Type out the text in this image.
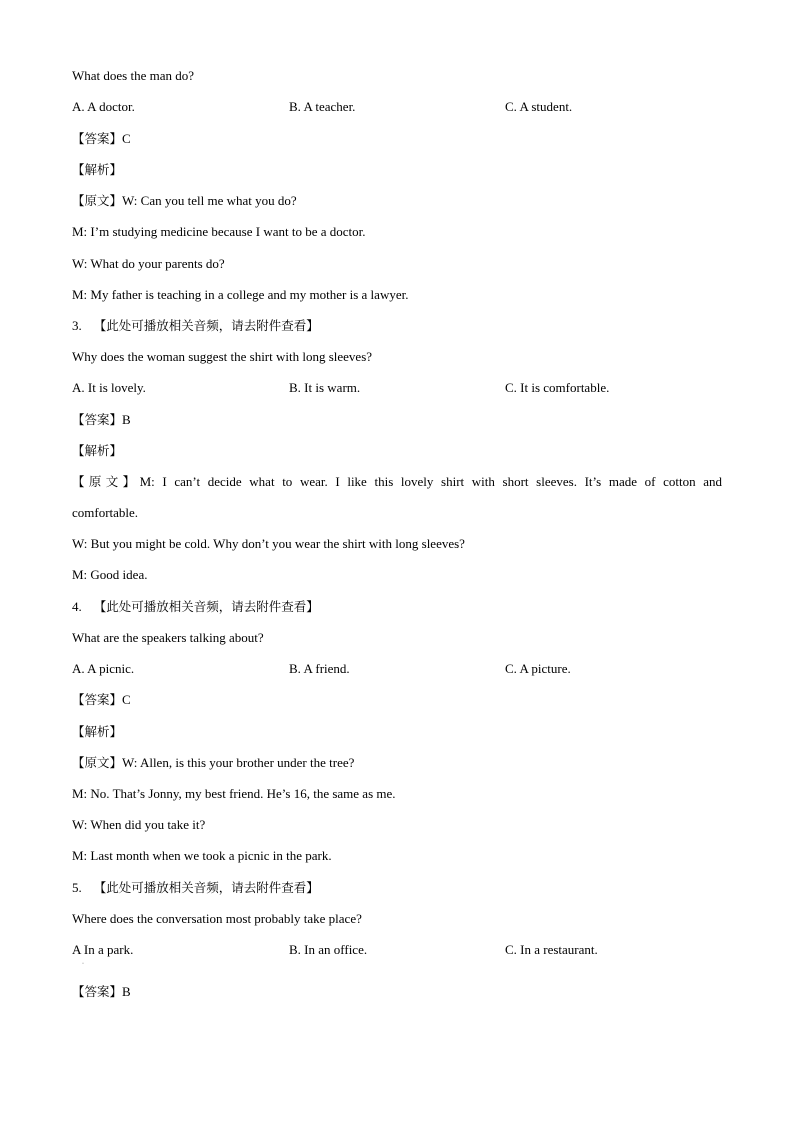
What does the man do?
A. A doctor.	B. A teacher.	C. A student.
【答案】C
【解析】
【原文】W: Can you tell me what you do?
M: I’m studying medicine because I want to be a doctor.
W: What do your parents do?
M: My father is teaching in a college and my mother is a lawyer.
3. 【此处可播放相关音频，请去附件查看】
Why does the woman suggest the shirt with long sleeves?
A. It is lovely.	B. It is warm.	C. It is comfortable.
【答案】B
【解析】
【原文】M: I can’t decide what to wear. I like this lovely shirt with short sleeves. It’s made of cotton and
comfortable.
W: But you might be cold. Why don’t you wear the shirt with long sleeves?
M: Good idea.
4. 【此处可播放相关音频，请去附件查看】
What are the speakers talking about?
A. A picnic.	B. A friend.	C. A picture.
【答案】C
【解析】
【原文】W: Allen, is this your brother under the tree?
M: No. That’s Jonny, my best friend. He’s 16, the same as me.
W: When did you take it?
M: Last month when we took a picnic in the park.
5. 【此处可播放相关音频，请去附件查看】
Where does the conversation most probably take place?
A In a park.	B. In an office.	C. In a restaurant.
·
【答案】B
